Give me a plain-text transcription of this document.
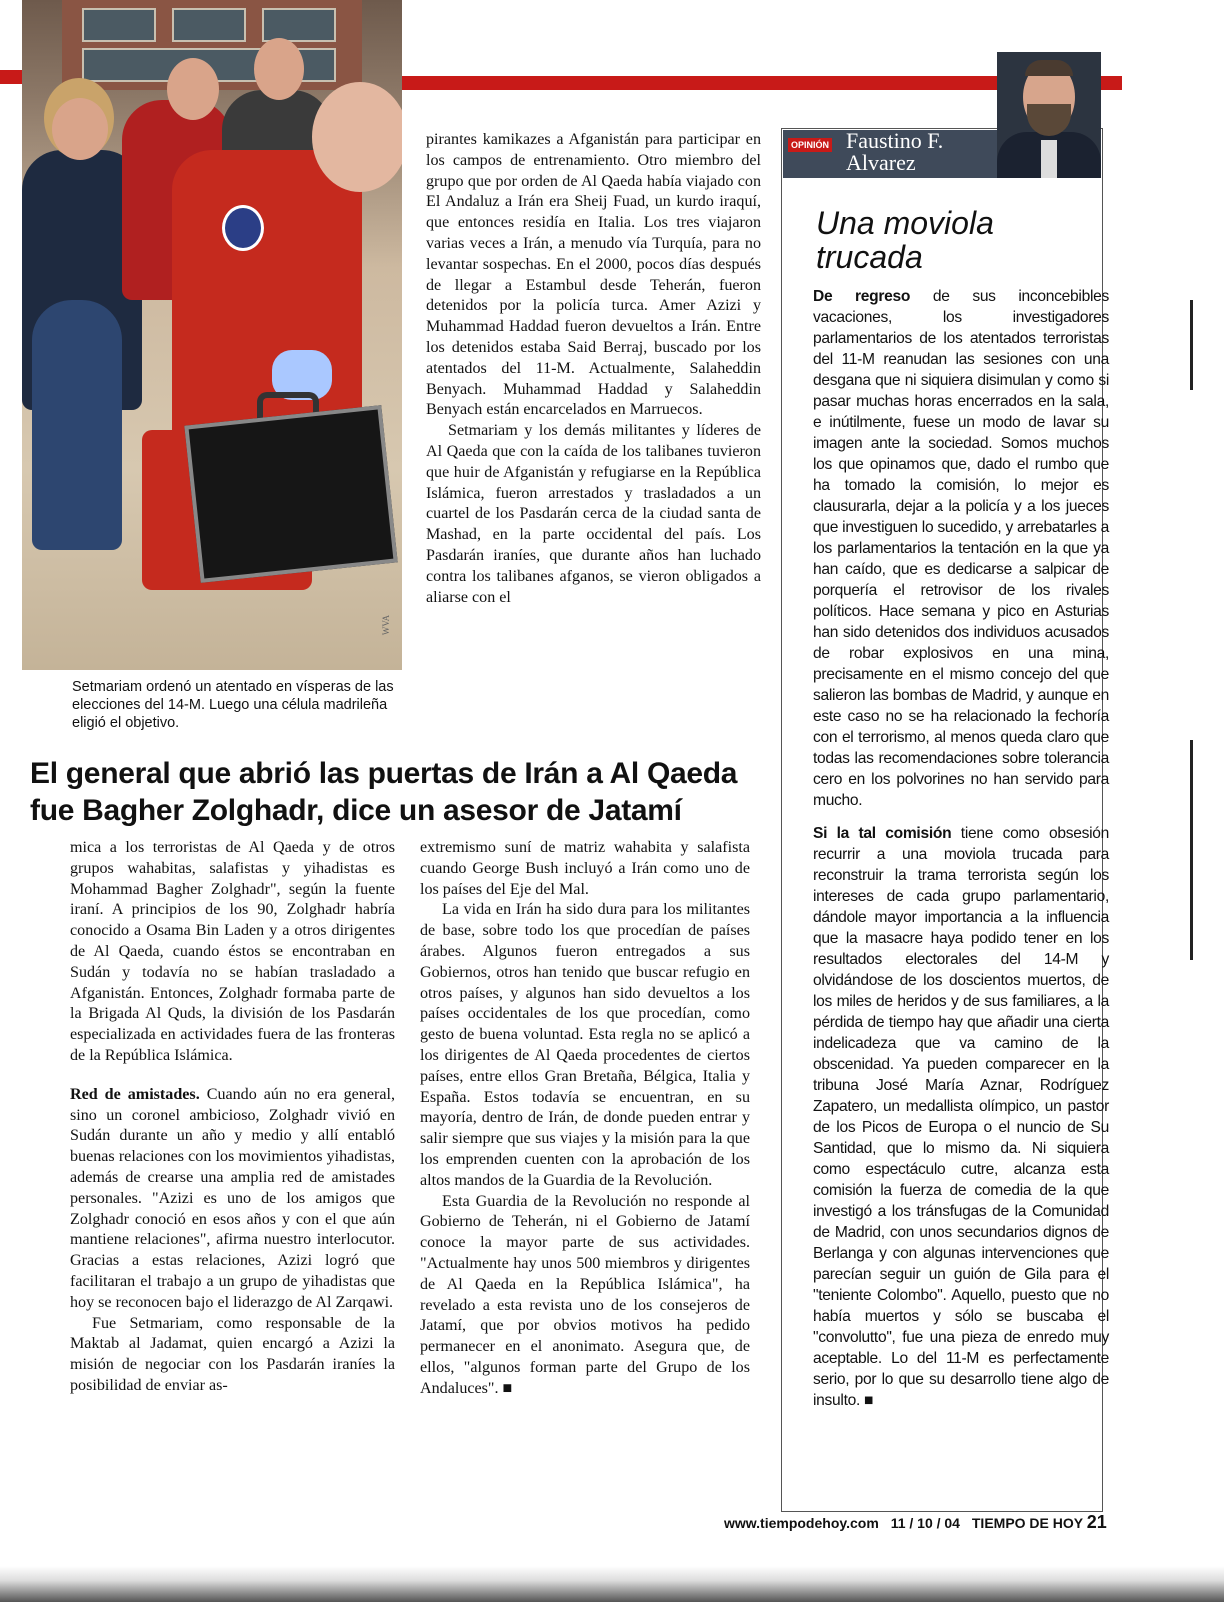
WVA
Setmariam ordenó un atentado en vísperas de las elecciones del 14-M. Luego una célula madrileña eligió el objetivo.

pirantes kamikazes a Afganistán para participar en los campos de entrenamiento. Otro miembro del grupo que por orden de Al Qaeda había viajado con El Andaluz a Irán era Sheij Fuad, un kurdo iraquí, que entonces residía en Italia. Los tres viajaron varias veces a Irán, a menudo vía Turquía, para no levantar sospechas. En el 2000, pocos días después de llegar a Estambul desde Teherán, fueron detenidos por la policía turca. Amer Azizi y Muhammad Haddad fueron devueltos a Irán. Entre los detenidos estaba Said Berraj, buscado por los atentados del 11-M. Actualmente, Salaheddin Benyach. Muhammad Haddad y Salaheddin Benyach están encarcelados en Marruecos.

Setmariam y los demás militantes y líderes de Al Qaeda que con la caída de los talibanes tuvieron que huir de Afganistán y refugiarse en la República Islámica, fueron arrestados y trasladados a un cuartel de los Pasdarán cerca de la ciudad santa de Mashad, en la parte occidental del país. Los Pasdarán iraníes, que durante años han luchado contra los talibanes afganos, se vieron obligados a aliarse con el

El general que abrió las puertas de Irán a Al Qaeda
fue Bagher Zolghadr, dice un asesor de Jatamí

mica a los terroristas de Al Qaeda y de otros grupos wahabitas, salafistas y yihadistas es Mohammad Bagher Zolghadr", según la fuente iraní. A principios de los 90, Zolghadr habría conocido a Osama Bin Laden y a otros dirigentes de Al Qaeda, cuando éstos se encontraban en Sudán y todavía no se habían trasladado a Afganistán. Entonces, Zolghadr formaba parte de la Brigada Al Quds, la división de los Pasdarán especializada en actividades fuera de las fronteras de la República Islámica.

Red de amistades. Cuando aún no era general, sino un coronel ambicioso, Zolghadr vivió en Sudán durante un año y medio y allí entabló buenas relaciones con los movimientos yihadistas, además de crearse una amplia red de amistades personales. "Azizi es uno de los amigos que Zolghadr conoció en esos años y con el que aún mantiene relaciones", afirma nuestro interlocutor. Gracias a estas relaciones, Azizi logró que facilitaran el trabajo a un grupo de yihadistas que hoy se reconocen bajo el liderazgo de Al Zarqawi.

Fue Setmariam, como responsable de la Maktab al Jadamat, quien encargó a Azizi la misión de negociar con los Pasdarán iraníes la posibilidad de enviar as-

extremismo suní de matriz wahabita y salafista cuando George Bush incluyó a Irán como uno de los países del Eje del Mal.

La vida en Irán ha sido dura para los militantes de base, sobre todo los que procedían de países árabes. Algunos fueron entregados a sus Gobiernos, otros han tenido que buscar refugio en otros países, y algunos han sido devueltos a los países occidentales de los que procedían, como gesto de buena voluntad. Esta regla no se aplicó a los dirigentes de Al Qaeda procedentes de ciertos países, entre ellos Gran Bretaña, Bélgica, Italia y España. Estos todavía se encuentran, en su mayoría, dentro de Irán, de donde pueden entrar y salir siempre que sus viajes y la misión para la que los emprenden cuenten con la aprobación de los altos mandos de la Guardia de la Revolución.

Esta Guardia de la Revolución no responde al Gobierno de Teherán, ni el Gobierno de Jatamí conoce la mayor parte de sus actividades. "Actualmente hay unos 500 miembros y dirigentes de Al Qaeda en la República Islámica", ha revelado a esta revista uno de los consejeros de Jatamí, que por obvios motivos ha pedido permanecer en el anonimato. Asegura que, de ellos, "algunos forman parte del Grupo de los Andaluces". ■

OPINIÓN Faustino F.
Alvarez
Una moviola trucada

De regreso de sus inconcebibles vacaciones, los investigadores parlamentarios de los atentados terroristas del 11-M reanudan las sesiones con una desgana que ni siquiera disimulan y como si pasar muchas horas encerrados en la sala, e inútilmente, fuese un modo de lavar su imagen ante la sociedad. Somos muchos los que opinamos que, dado el rumbo que ha tomado la comisión, lo mejor es clausurarla, dejar a la policía y a los jueces que investiguen lo sucedido, y arrebatarles a los parlamentarios la tentación en la que ya han caído, que es dedicarse a salpicar de porquería el retrovisor de los rivales políticos. Hace semana y pico en Asturias han sido detenidos dos individuos acusados de robar explosivos en una mina, precisamente en el mismo concejo del que salieron las bombas de Madrid, y aunque en este caso no se ha relacionado la fechoría con el terrorismo, al menos queda claro que todas las recomendaciones sobre tolerancia cero en los polvorines no han servido para mucho.

Si la tal comisión tiene como obsesión recurrir a una moviola trucada para reconstruir la trama terrorista según los intereses de cada grupo parlamentario, dándole mayor importancia a la influencia que la masacre haya podido tener en los resultados electorales del 14-M y olvidándose de los doscientos muertos, de los miles de heridos y de sus familiares, a la pérdida de tiempo hay que añadir una cierta indelicadeza que va camino de la obscenidad. Ya pueden comparecer en la tribuna José María Aznar, Rodríguez Zapatero, un medallista olímpico, un pastor de los Picos de Europa o el nuncio de Su Santidad, que lo mismo da. Ni siquiera como espectáculo cutre, alcanza esta comisión la fuerza de comedia de la que investigó a los tránsfugas de la Comunidad de Madrid, con unos secundarios dignos de Berlanga y con algunas intervenciones que parecían seguir un guión de Gila para el "teniente Colombo". Aquello, puesto que no había muertos y sólo se buscaba el "convolutto", fue una pieza de enredo muy aceptable. Lo del 11-M es perfectamente serio, por lo que su desarrollo tiene algo de insulto. ■

www.tiempodehoy.com 11 / 10 / 04 TIEMPO DE HOY 21
